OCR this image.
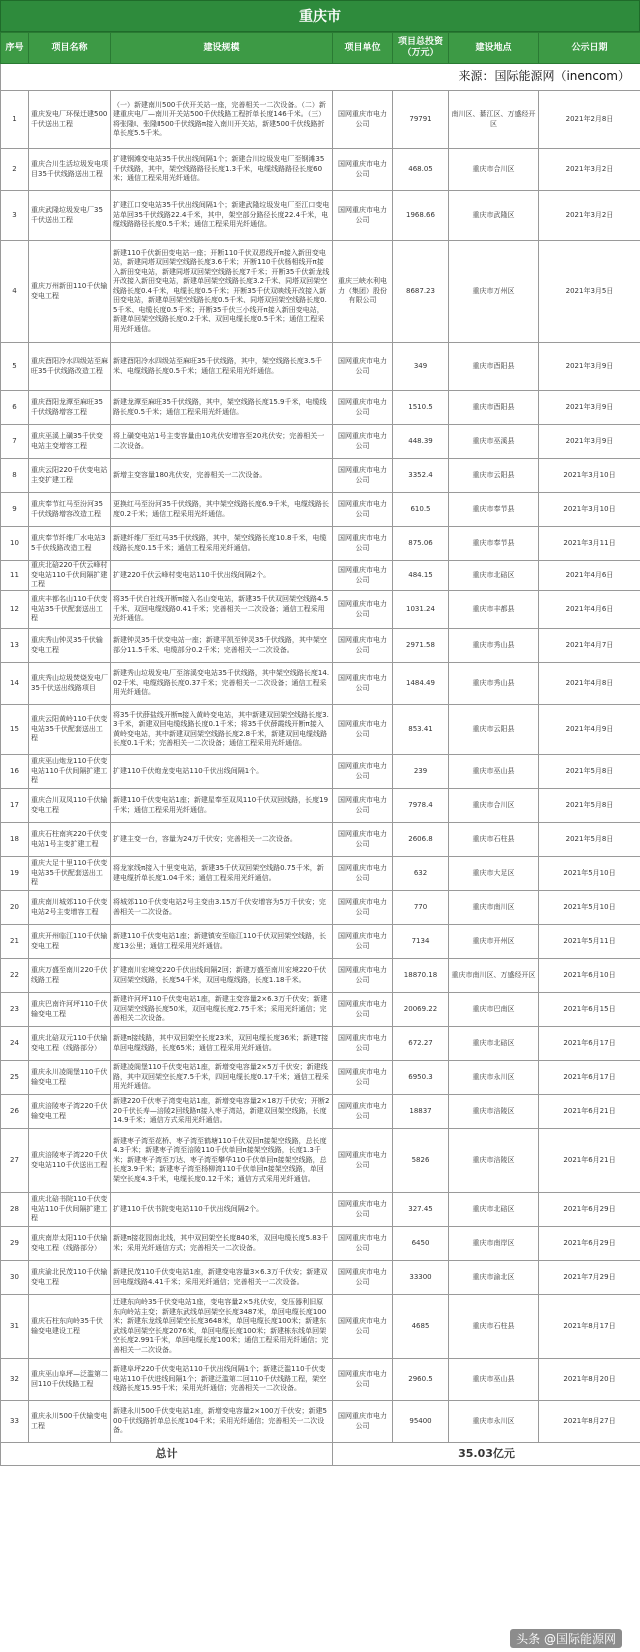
重庆市
序号	项目名称	建设规模	项目单位	项目总投资（万元）	建设地点	公示日期
来源：国际能源网（inencom）						
1	重庆发电厂环保迁建500千伏送出工程	（一）新建南川500千伏开关站一座，完善相关一二次设备。（二）新建重庆电厂—南川开关站500千伏线路工程折单长度146千米。（三）将张隆Ⅰ、张隆Ⅱ500千伏线路π接入南川开关站，新建500千伏线路折单长度5.5千米。	国网重庆市电力公司	79791	南川区、綦江区、万盛经开区	2021年2月8日
2	重庆合川生活垃圾发电项目35千伏线路送出工程	扩建钢滩变电站35千伏出线间隔1个；新建合川垃圾发电厂至钢滩35千伏线路，其中，架空线路路径长度1.3千米，电缆线路路径长度60米；通信工程采用光纤通信。	国网重庆市电力公司	468.05	重庆市合川区	2021年3月2日
3	重庆武隆垃圾发电厂35千伏送出工程	扩建江口变电站35千伏出线间隔1个；新建武隆垃圾发电厂至江口变电站单回35千伏线路22.4千米，其中，架空部分路径长度22.4千米，电缆线路路径长度0.5千米；通信工程采用光纤通信。	国网重庆市电力公司	1968.66	重庆市武隆区	2021年3月2日
4	重庆万州新田110千伏输变电工程	新建110千伏新田变电站一座；开断110千伏双恩线开π接入新田变电站，新建同塔双回架空线路长度3.6千米；开断110千伏杨相线开π接入新田变电站，新建同塔双回架空线路长度7千米；开断35千伏新龙线开改接入新田变电站，新建单回架空线路长度3.2千米、同塔双回架空线路长度0.4千米，电缆长度0.5千米；开断35千伏双映线开改接入新田变电站，新建单回架空线路长度0.5千米、同塔双回架空线路长度0.5千米、电缆长度0.5千米；开断35千伏三小线开π接入新田变电站，新建单回架空线路长度0.2千米、双回电缆长度0.5千米；通信工程采用光纤通信。	重庆三峡水利电力（集团）股份有限公司	8687.23	重庆市万州区	2021年3月5日
5	重庆酉阳冷水四级站至麻旺35千伏线路改造工程	新建酉阳冷水四级站至麻旺35千伏线路，其中，架空线路长度3.5千米、电缆线路长度0.5千米；通信工程采用光纤通信。	国网重庆市电力公司	349	重庆市酉阳县	2021年3月9日
6	重庆酉阳龙潭至麻旺35千伏线路增容工程	新建龙潭至麻旺35千伏线路，其中，架空线路长度15.9千米，电缆线路长度0.5千米；通信工程采用光纤通信。	国网重庆市电力公司	1510.5	重庆市酉阳县	2021年3月9日
7	重庆巫溪上磺35千伏变电站主变增容工程	将上磺变电站1号主变容量由10兆伏安增容至20兆伏安；完善相关一二次设备。	国网重庆市电力公司	448.39	重庆市巫溪县	2021年3月9日
8	重庆云阳220千伏变电站主变扩建工程	新增主变容量180兆伏安，完善相关一二次设备。	国网重庆市电力公司	3352.4	重庆市云阳县	2021年3月10日
9	重庆奉节红马至汾河35千伏线路增容改造工程	更换红马至汾河35千伏线路，其中架空线路长度6.9千米，电缆线路长度0.2千米；通信工程采用光纤通信。	国网重庆市电力公司	610.5	重庆市奉节县	2021年3月10日
10	重庆奉节纤维厂水电站35千伏线路改造工程	新建纤维厂至红马35千伏线路，其中，架空线路长度10.8千米，电缆线路长度0.15千米；通信工程采用光纤通信。	国网重庆市电力公司	875.06	重庆市奉节县	2021年3月11日
11	重庆北碚220千伏云峰村变电站110千伏间隔扩建工程	扩建220千伏云峰村变电站110千伏出线间隔2个。	国网重庆市电力公司	484.15	重庆市北碚区	2021年4月6日
12	重庆丰都名山110千伏变电站35千伏配套送出工程	将35千伏白社线开断π接入名山变电站，新建35千伏双回架空线路4.5千米、双回电缆线路0.41千米；完善相关一二次设备；通信工程采用光纤通信。	国网重庆市电力公司	1031.24	重庆市丰都县	2021年4月6日
13	重庆秀山钟灵35千伏输变电工程	新建钟灵35千伏变电站一座；新建平凯至钟灵35千伏线路，其中架空部分11.5千米、电缆部分0.2千米；完善相关一二次设备。	国网重庆市电力公司	2971.58	重庆市秀山县	2021年4月7日
14	重庆秀山垃圾焚烧发电厂35千伏送出线路项目	新建秀山垃圾发电厂至溶溪变电站35千伏线路，其中架空线路长度14.02千米、电缆线路长度0.37千米；完善相关一二次设备；通信工程采用光纤通信。	国网重庆市电力公司	1484.49	重庆市秀山县	2021年4月8日
15	重庆云阳黄岭110千伏变电站35千伏配套送出工程	将35千伏薛盐线开断π接入黄岭变电站，其中新建双回架空线路长度3.3千米，新建双回电缆线路长度0.1千米；将35千伏薛霞线开断π接入黄岭变电站，其中新建双回架空线路长度2.8千米，新建双回电缆线路长度0.1千米；完善相关一二次设备；通信工程采用光纤通信。	国网重庆市电力公司	853.41	重庆市云阳县	2021年4月9日
16	重庆巫山炮龙110千伏变电站110千伏间隔扩建工程	扩建110千伏炮龙变电站110千伏出线间隔1个。	国网重庆市电力公司	239	重庆市巫山县	2021年5月8日
17	重庆合川双凤110千伏输变电工程	新建110千伏变电站1座；新建星奉至双凤110千伏双回线路，长度19千米；通信工程采用光纤通信。	国网重庆市电力公司	7978.4	重庆市合川区	2021年5月8日
18	重庆石柱南宾220千伏变电站1号主变扩建工程	扩建主变一台，容量为24万千伏安；完善相关一二次设备。	国网重庆市电力公司	2606.8	重庆市石柱县	2021年5月8日
19	重庆大足十里110千伏变电站35千伏配套送出工程	将龙家线π接入十里变电站，新建35千伏双回架空线路0.75千米，新建电缆折单长度1.04千米；通信工程采用光纤通信。	国网重庆市电力公司	632	重庆市大足区	2021年5月10日
20	重庆南川城郊110千伏变电站2号主变增容工程	将城郊110千伏变电站2号主变由3.15万千伏安增容为5万千伏安；完善相关一二次设备。	国网重庆市电力公司	770	重庆市南川区	2021年5月10日
21	重庆开州临江110千伏输变电工程	新建110千伏变电站1座；新建镇安至临江110千伏双回架空线路，长度13公里；通信工程采用光纤通信。	国网重庆市电力公司	7134	重庆市开州区	2021年5月11日
22	重庆万盛至南川220千伏线路工程	扩建南川宏境变220千伏出线间隔2回；新建万盛至南川宏境220千伏双回架空线路，长度54千米，双回电缆线路，长度1.18千米。	国网重庆市电力公司	18870.18	重庆市南川区、万盛经开区	2021年6月10日
23	重庆巴南许河坪110千伏输变电工程	新建许河坪110千伏变电站1座，新建主变容量2×6.3万千伏安；新建双回架空线路长度50米，双回电缆长度2.75千米；采用光纤通信；完善相关二次设备。	国网重庆市电力公司	20069.22	重庆市巴南区	2021年6月15日
24	重庆北碚双元110千伏输变电工程（线路部分）	新建π接线路，其中双回架空长度23米，双回电缆长度36米；新建T接单回电缆线路，长度65米；通信工程采用光纤通信。	国网重庆市电力公司	672.27	重庆市北碚区	2021年6月17日
25	重庆永川凌阁堡110千伏输变电工程	新建凌阁堡110千伏变电站1座，新增变电容量2×5万千伏安；新建线路，其中双回架空长度7.5千米，四回电缆长度0.17千米；通信工程采用光纤通信。	国网重庆市电力公司	6950.3	重庆市永川区	2021年6月17日
26	重庆涪陵枣子湾220千伏输变电工程	新建220千伏枣子湾变电站1座，新增变电容量2×18万千伏安；开断220千伏长寿—涪陵2回线路π接入枣子湾站，新建双回架空线路，长度14.9千米；通信方式采用光纤通信。	国网重庆市电力公司	18837	重庆市涪陵区	2021年6月21日
27	重庆涪陵枣子湾220千伏变电站110千伏送出工程	新建枣子湾至花桥、枣子湾至鹤塘110千伏双回π接架空线路，总长度4.3千米；新建枣子湾至涪陵110千伏单回π接架空线路，长度1.3千米；新建枣子湾至万达、枣子湾至攀华110千伏单回π接架空线路，总长度3.9千米；新建枣子湾至杨柳湾110千伏单回π接架空线路，单回架空长度4.3千米，电缆长度0.12千米；通信方式采用光纤通信。	国网重庆市电力公司	5826	重庆市涪陵区	2021年6月21日
28	重庆北碚书院110千伏变电站110千伏间隔扩建工程	扩建110千伏书院变电站110千伏出线间隔2个。	国网重庆市电力公司	327.45	重庆市北碚区	2021年6月29日
29	重庆南岸太阳110千伏输变电工程（线路部分）	新建π接花园南北线，其中双回架空长度840米，双回电缆长度5.83千米；采用光纤通信方式；完善相关一二次设备。	国网重庆市电力公司	6450	重庆市南岸区	2021年6月29日
30	重庆渝北民茂110千伏输变电工程	新建民茂110千伏变电站1座，新建变电容量3×6.3万千伏安；新建双回电缆线路4.41千米；采用光纤通信；完善相关一二次设备。	国网重庆市电力公司	33300	重庆市渝北区	2021年7月29日
31	重庆石柱东向岭35千伏输变电建设工程	迁建东向岭35千伏变电站1座，变电容量2×5兆伏安，变压器利旧原东向岭站主变；新建东武线单回架空长度3487米，单回电缆长度100米；新建东龙线单回架空长度3648米，单回电缆长度100米；新建东武线单回架空长度2076米，单回电缆长度100米；新建栋东线单回架空长度2.991千米，单回电缆长度100米；通信工程采用光纤通信；完善相关一二次设备。	国网重庆市电力公司	4685	重庆市石柱县	2021年8月17日
32	重庆巫山阜坪—泛滥第二回110千伏线路工程	新建阜坪220千伏变电站110千伏出线间隔1个；新建泛滥110千伏变电站110千伏进线间隔1个；新建泛滥第二回110千伏线路工程，架空线路长度15.95千米；采用光纤通信；完善相关一二次设备。	国网重庆市电力公司	2960.5	重庆市巫山县	2021年8月20日
33	重庆永川500千伏输变电工程	新建永川500千伏变电站1座，新增变电容量2×100万千伏安；新建500千伏线路折单总长度104千米；采用光纤通信；完善相关一二次设备。	国网重庆市电力公司	95400	重庆市永川区	2021年8月27日
总计			35.03亿元			
头条 @国际能源网
